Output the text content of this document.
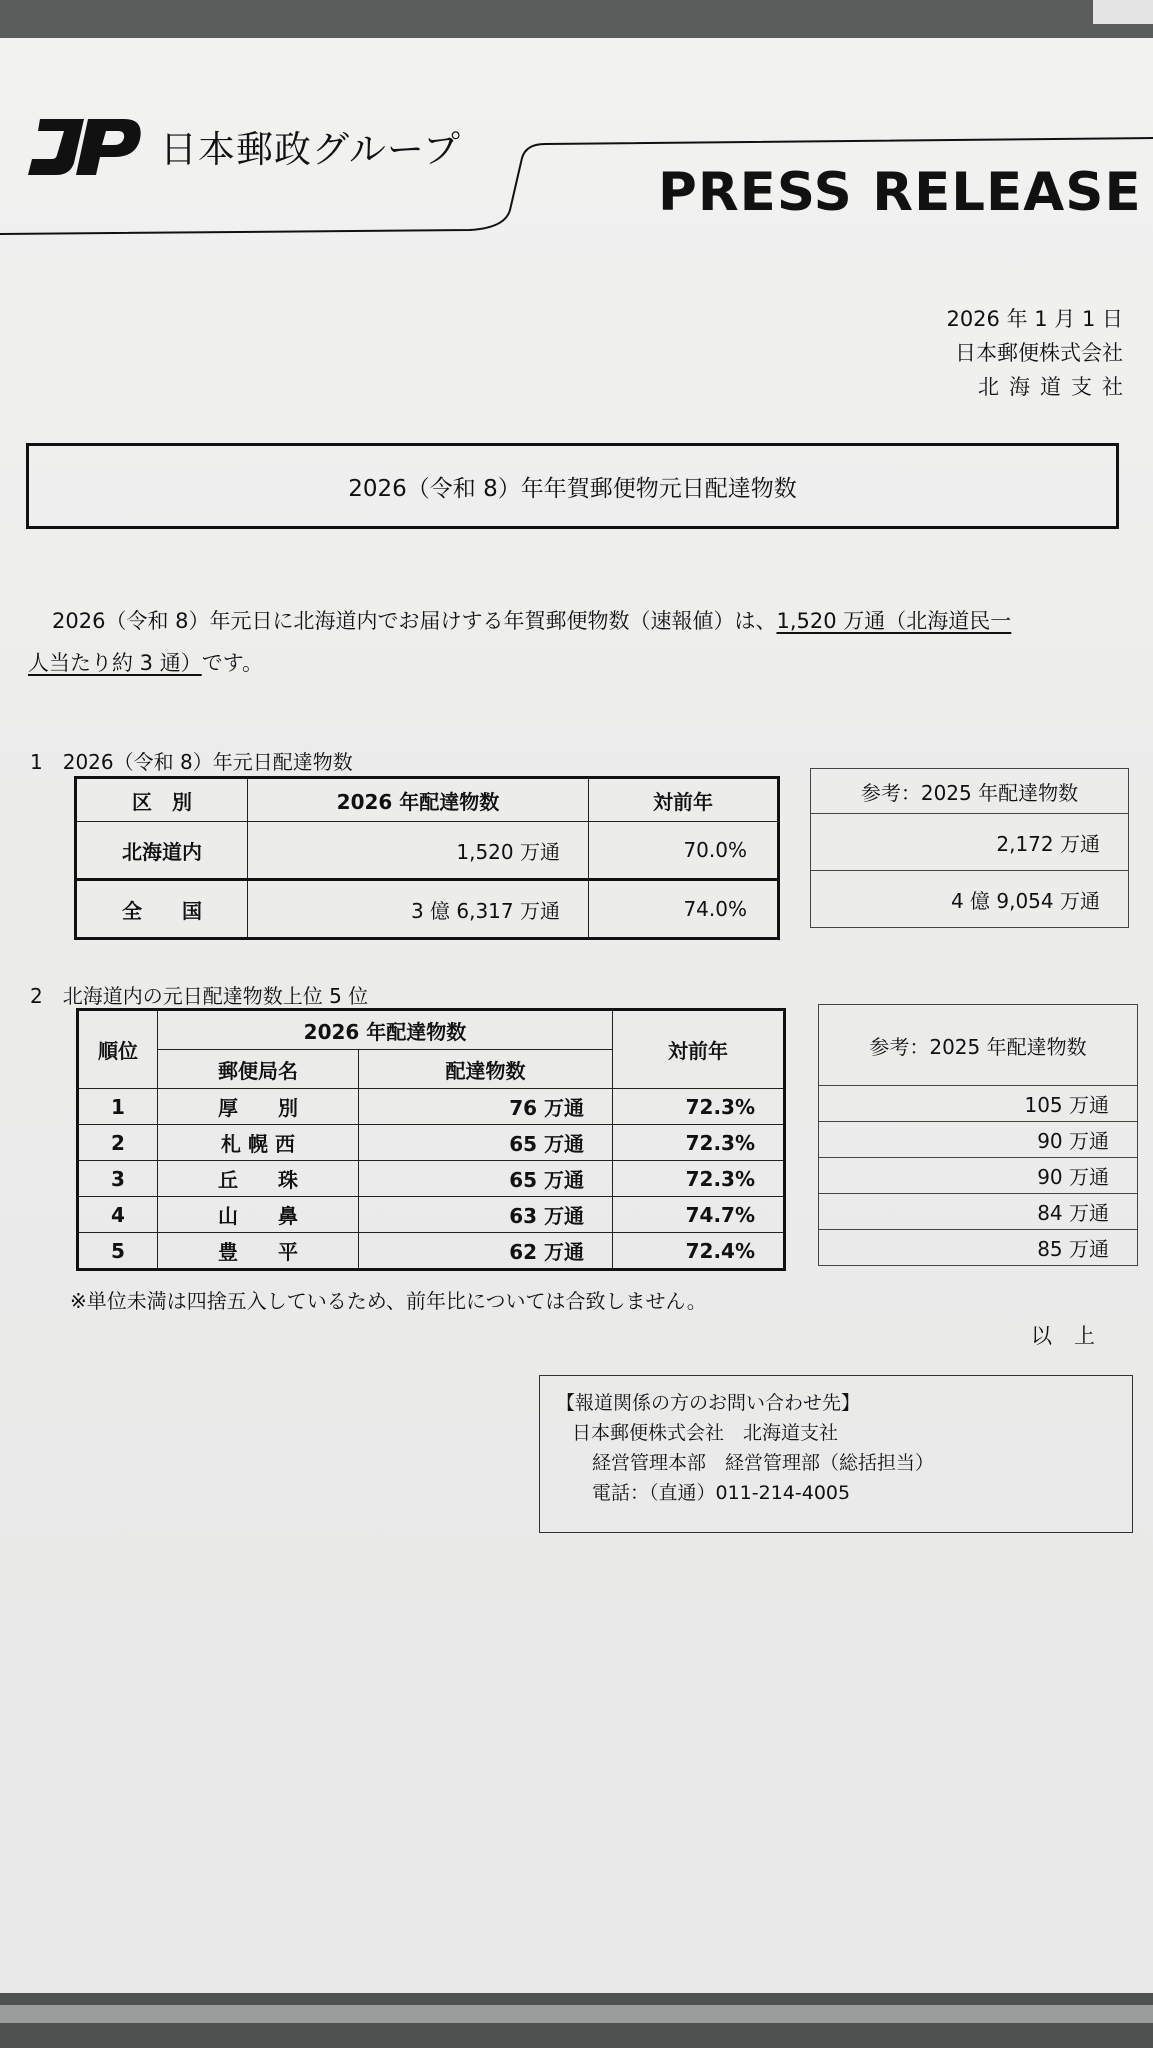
日本郵政グループ
PRESS RELEASE
2026 年 1 月 1 日
日本郵便株式会社
北海道支社
2026（令和 8）年年賀郵便物元日配達物数
2026（令和 8）年元日に北海道内でお届けする年賀郵便物数（速報値）は、1,520 万通（北海道民一
人当たり約 3 通）です。
1　2026（令和 8）年元日配達物数
区　別	2026 年配達物数	対前年
北海道内	1,520 万通	70.0%
全　　国	3 億 6,317 万通	74.0%
参考：2025 年配達物数
2,172 万通
4 億 9,054 万通
2　北海道内の元日配達物数上位 5 位
順位	2026 年配達物数		対前年
	郵便局名	配達物数	
1	厚　　別	76 万通	72.3%
2	札 幌 西	65 万通	72.3%
3	丘　　珠	65 万通	72.3%
4	山　　鼻	63 万通	74.7%
5	豊　　平	62 万通	72.4%
参考：2025 年配達物数
105 万通
90 万通
90 万通
84 万通
85 万通
※単位未満は四捨五入しているため、前年比については合致しません。
以上
【報道関係の方のお問い合わせ先】
日本郵便株式会社　北海道支社
経営管理本部　経営管理部（総括担当）
電話：（直通）011-214-4005
